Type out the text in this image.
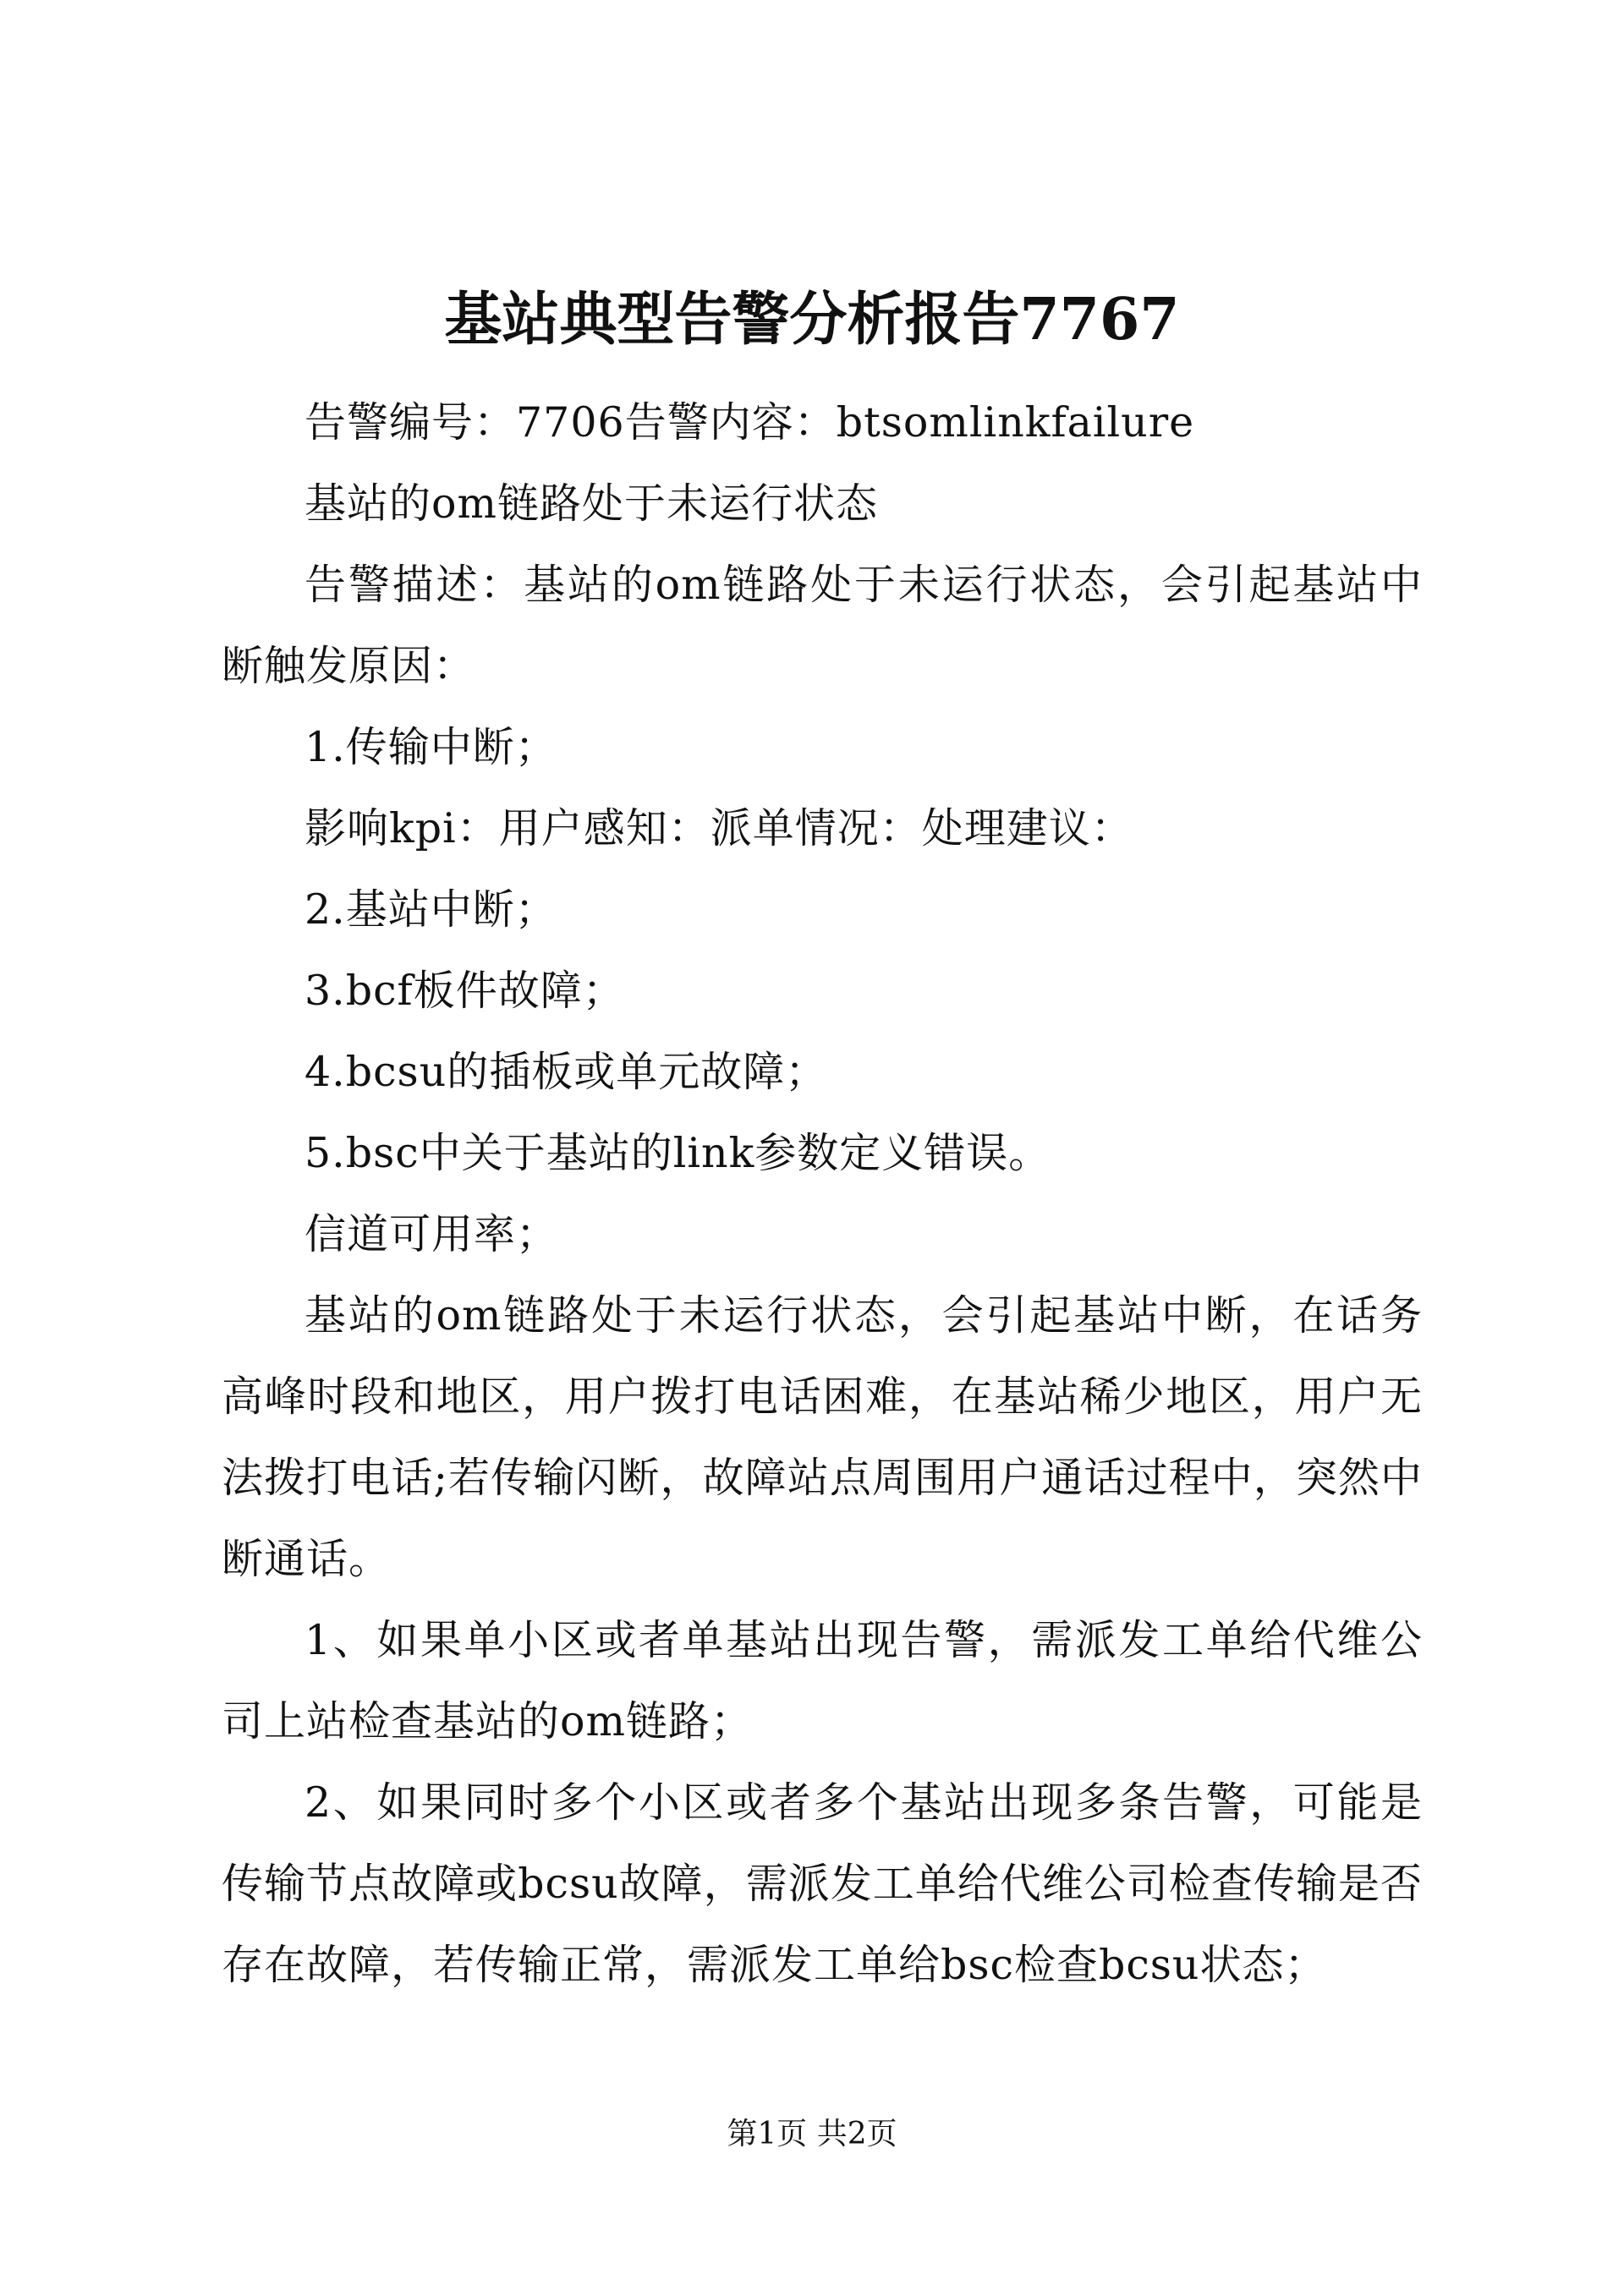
基站典型告警分析报告7767

告警编号：7706告警内容：btsomlinkfailure

基站的om链路处于未运行状态

告警描述：基站的om链路处于未运行状态，会引起基站中断触发原因：

1.传输中断；

影响kpi：用户感知：派单情况：处理建议：

2.基站中断；

3.bcf板件故障；

4.bcsu的插板或单元故障；

5.bsc中关于基站的link参数定义错误。

信道可用率；

基站的om链路处于未运行状态，会引起基站中断，在话务高峰时段和地区，用户拨打电话困难，在基站稀少地区，用户无法拨打电话;若传输闪断，故障站点周围用户通话过程中，突然中断通话。

1、如果单小区或者单基站出现告警，需派发工单给代维公司上站检查基站的om链路；

2、如果同时多个小区或者多个基站出现多条告警，可能是传输节点故障或bcsu故障，需派发工单给代维公司检查传输是否存在故障，若传输正常，需派发工单给bsc检查bcsu状态；

第1页 共2页
